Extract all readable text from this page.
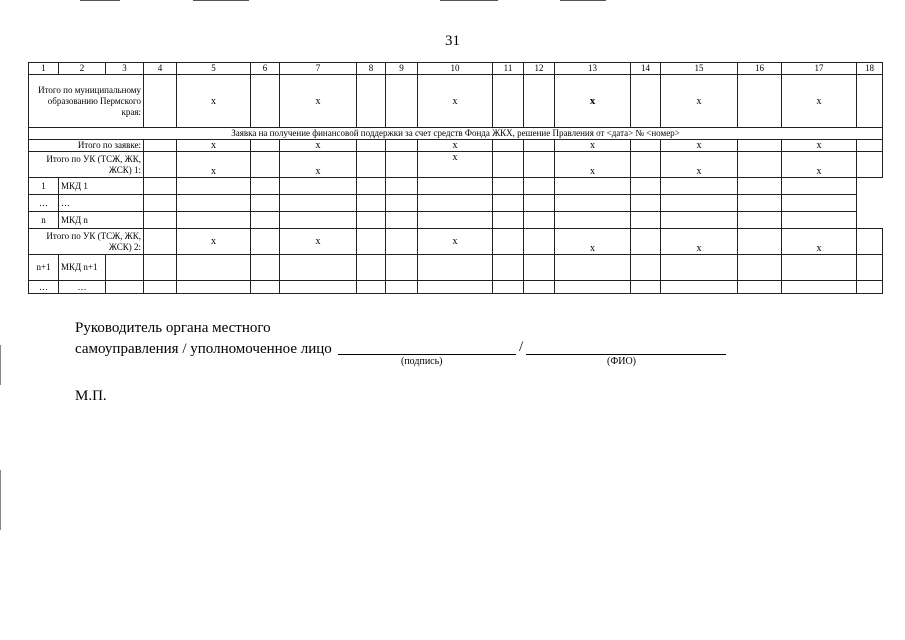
31
1	2	3	4	5	6	7	8	9	10	11	12	13	14	15	16	17	18
Итого по муниципальному образованию Пермского края:				x		x			x			x		x		x	
Заявка на получение финансовой поддержки за счет средств Фонда ЖКХ, решение Правления от <дата> № <номер>																	
Итого по заявке:				x		x			x			x		x		x	
Итого по УК (ТСЖ, ЖК, ЖСК) 1:				x		x			x			x		x		x	
1	МКД 1																
…	…																
n	МКД n																
Итого по УК (ТСЖ, ЖК, ЖСК) 2:				x		x			x			x		x		x	
n+1	МКД n+1																
…	…																
Руководитель органа местного
самоуправления / уполномоченное лицо	/
(подпись)	(ФИО)
М.П.
